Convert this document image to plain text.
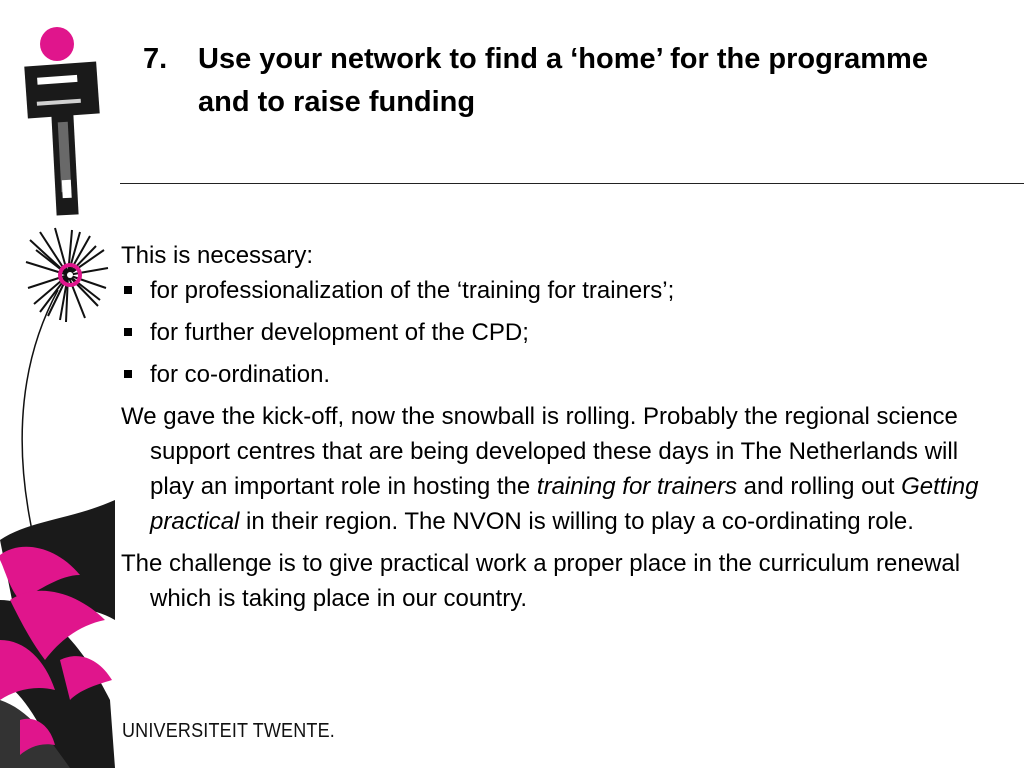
7. Use your network to find a ‘home’ for the programme and to raise funding

This is necessary:

for professionalization of the ‘training for trainers’;
for further development of the CPD;
for co-ordination.

We gave the kick-off, now the snowball is rolling. Probably the regional science support centres that are being developed these days in The Netherlands will play an important role in hosting the training for trainers and rolling out Getting practical in their region. The NVON is willing to play a co-ordinating role.

The challenge is to give practical work a proper place in the curriculum renewal which is taking place in our country.

UNIVERSITEIT TWENTE.
